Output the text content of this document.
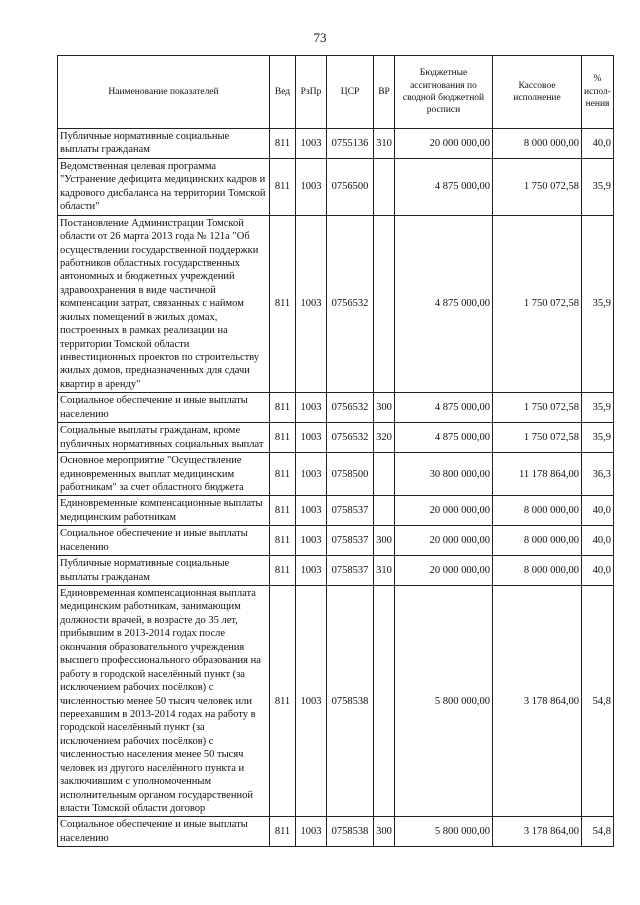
73
Наименование показателей	Вед	РзПр	ЦСР	ВР	Бюджетные ассигнования по сводной бюджетной росписи	Кассовое исполнение	% испол-нения
Публичные нормативные социальные выплаты гражданам	811	1003	0755136	310	20 000 000,00	8 000 000,00	40,0
Ведомственная целевая программа "Устранение дефицита медицинских кадров и кадрового дисбаланса на территории Томской области"	811	1003	0756500		4 875 000,00	1 750 072,58	35,9
Постановление Администрации Томской области от 26 марта 2013 года № 121а "Об осуществлении государственной поддержки работников областных государственных автономных и бюджетных учреждений здравоохранения в виде частичной компенсации затрат, связанных с наймом жилых помещений в жилых домах, построенных в рамках реализации на территории Томской области инвестиционных проектов по строительству жилых домов, предназначенных для сдачи квартир в аренду"	811	1003	0756532		4 875 000,00	1 750 072,58	35,9
Социальное обеспечение и иные выплаты населению	811	1003	0756532	300	4 875 000,00	1 750 072,58	35,9
Социальные выплаты гражданам, кроме публичных нормативных социальных выплат	811	1003	0756532	320	4 875 000,00	1 750 072,58	35,9
Основное мероприятие "Осуществление единовременных выплат медицинским работникам" за счет областного бюджета	811	1003	0758500		30 800 000,00	11 178 864,00	36,3
Единовременные компенсационные выплаты медицинским работникам	811	1003	0758537		20 000 000,00	8 000 000,00	40,0
Социальное обеспечение и иные выплаты населению	811	1003	0758537	300	20 000 000,00	8 000 000,00	40,0
Публичные нормативные социальные выплаты гражданам	811	1003	0758537	310	20 000 000,00	8 000 000,00	40,0
Единовременная компенсационная выплата медицинским работникам, занимающим должности врачей, в возрасте до 35 лет, прибывшим в 2013-2014 годах после окончания образовательного учреждения высшего профессионального образования на работу в городской населённый пункт (за исключением рабочих посёлков) с численностью менее 50 тысяч человек или переехавшим в 2013-2014 годах на работу в городской населённый пункт (за исключением рабочих посёлков) с численностью населения менее 50 тысяч человек из другого населённого пункта и заключившим с уполномоченным исполнительным органом государственной власти Томской области договор	811	1003	0758538		5 800 000,00	3 178 864,00	54,8
Социальное обеспечение и иные выплаты населению	811	1003	0758538	300	5 800 000,00	3 178 864,00	54,8
